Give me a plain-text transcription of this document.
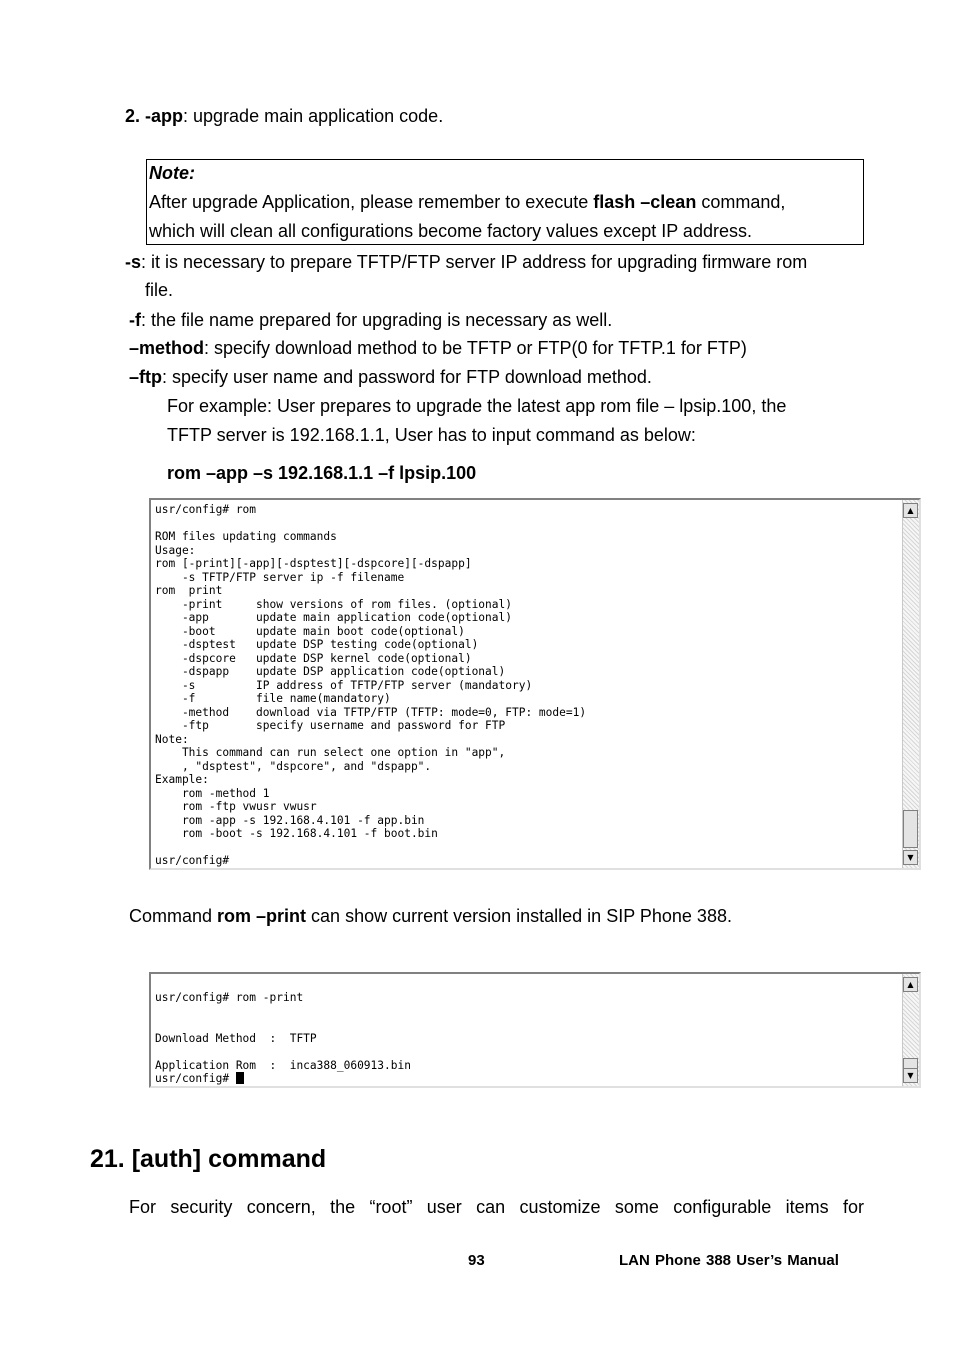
2. -app: upgrade main application code.
Note:
After upgrade Application, please remember to execute flash –clean command,
which will clean all configurations become factory values except IP address.
-s: it is necessary to prepare TFTP/FTP server IP address for upgrading firmware rom
file.
-f: the file name prepared for upgrading is necessary as well.
–method: specify download method to be TFTP or FTP(0 for TFTP.1 for FTP)
–ftp: specify user name and password for FTP download method.
For example: User prepares to upgrade the latest app rom file – lpsip.100, the
TFTP server is 192.168.1.1, User has to input command as below:
rom –app –s 192.168.1.1 –f lpsip.100
usr/config# rom

ROM files updating commands
Usage:
rom [-print][-app][-dsptest][-dspcore][-dspapp]
-s TFTP/FTP server ip -f filename
rom  print
-print     show versions of rom files. (optional)
-app       update main application code(optional)
-boot      update main boot code(optional)
-dsptest   update DSP testing code(optional)
-dspcore   update DSP kernel code(optional)
-dspapp    update DSP application code(optional)
-s         IP address of TFTP/FTP server (mandatory)
-f         file name(mandatory)
-method    download via TFTP/FTP (TFTP: mode=0, FTP: mode=1)
-ftp       specify username and password for FTP
Note:
This command can run select one option in "app",
, "dsptest", "dspcore", and "dspapp".
Example:
rom -method 1
rom -ftp vwusr vwusr
rom -app -s 192.168.4.101 -f app.bin
rom -boot -s 192.168.4.101 -f boot.bin

usr/config#
▲
▼
Command rom –print can show current version installed in SIP Phone 388.
usr/config# rom -print

Download Method  :  TFTP

Application Rom  :  inca388_060913.bin
usr/config#
▲
▼
21. [auth] command
For security concern, the “root” user can customize some configurable items for
93	LAN Phone 388 User’s Manual
